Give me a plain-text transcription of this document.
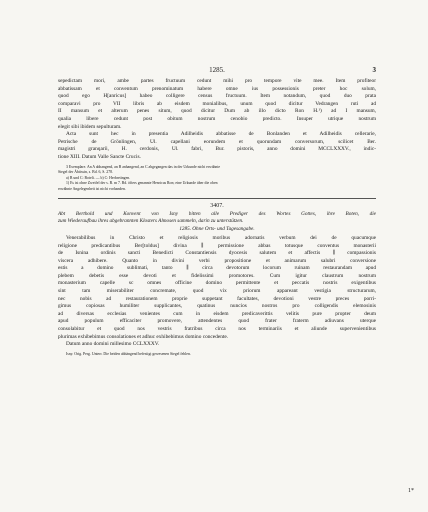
1285.	3
sepedictam mori, ambe partes fructuum cedunt mihi pro tempore vite mee. Item profiteor
abbatissam et conventum prenominatum habere omne ius possessionis preter hoc solum,
quod ego H[anricus] habeo colligere census fructuum. Item notandum, quod duo prata
comparavi pro VII libris ab eisdem monialibus, unum quod dicitur Vedrangen ruti ad
II mansum et alterum penes situm, quod dicitur Dum ab illo dicto Ron H.¹) ad I mansum,
qualia libere cedunt post obitum nostrum cenobio predicto. Insuper utrique nostrum
elegit sibi ibidem sepulturam.
Acta sunt hec in presentia Adilheidis abbatisse de Bonlanden et Adilheidis cellerarie,
Petrische de Grönlingen, Ul. capellani eorundem et quorundam conversorum, scilicet Ber.
magistri granqarii, H. cerdonis, Ul. fabri, Bur. pistoris, anno domini MCCLXXXV., indic-
tione XIII. Datum Valle Sancte Crucis.
3 Exemplare. An A abhangend, an B anhangend, an C abgegangen das in der Urkunde nicht erwähnte
Siegel der Äbtissin, s. Bd. 6, S. 278.
a) B und C: Boteli. — b) C: Herbretingen.
1) Es ist ohne Zweifel der s. B. m 7. Bd. öfters genannte Henricus Ron; eine Urkunde über die oben
erwähnte Angelegenheit ist nicht vorhanden.
3407.
Abt Berthold und Konvent von Isny bitten alle Prediger des Wortes Gottes, ihre Boten, die
zum Wiederaufbau ihres abgebrannten Klosters Almosen sammeln, darin zu unterstützen.
1285. Ohne Orts- und Tagesangabe.
Venerabilibus in Christo et religiosis moribus adornatis verbum dei de quacumque
religione predicantibus Ber[toldus] divina ∥ permissione abbas totusque conventus monasterii
de Isnina ordinis sancti Benedicti Constantiensis dyocesis salutem et affectis ∥ compassionis
viscera adhibere. Quanto in divini verbi propositione et animarum salubri conversione
estis a domino sublimati, tanto ∥ circa devotorum locorum ruinam restaurandam apud
plebem debetis esse devoti et fidelissimi promotores. Cum igitur claustrum nostrum
monasterium capelle sc omnes officine domino permittente et peccatis nostris exigentibus
sint tam miserabiliter concremate, quod vix priorum appareant vestigia structurarum,
nec nobis ad restaurationem proprie suppetant facultates, devotioni vestre preces porri-
gimus copiosas humiliter supplicantes, quatinus nuncios nostros pro colligendis elemosinis
ad diversas ecclesias venientes cum in eisdem predicaverittis velitis pure propter deum
apud populum efficaciter promovere, attendentes quod frater fraterm adiuvans uterque
consolabitur et quod nos vestris fratribus circa nos terminariis et aliunde supervenientibus
plurimas exhibebimus consolationes et adhuc exhibebimus domino concedente.
Datum anno domini millesimo CCLXXXV.
Isny. Orig. Perg. Unterr. Die beiden abhängend befestigt gewesenen Siegel fehlen.
1*
